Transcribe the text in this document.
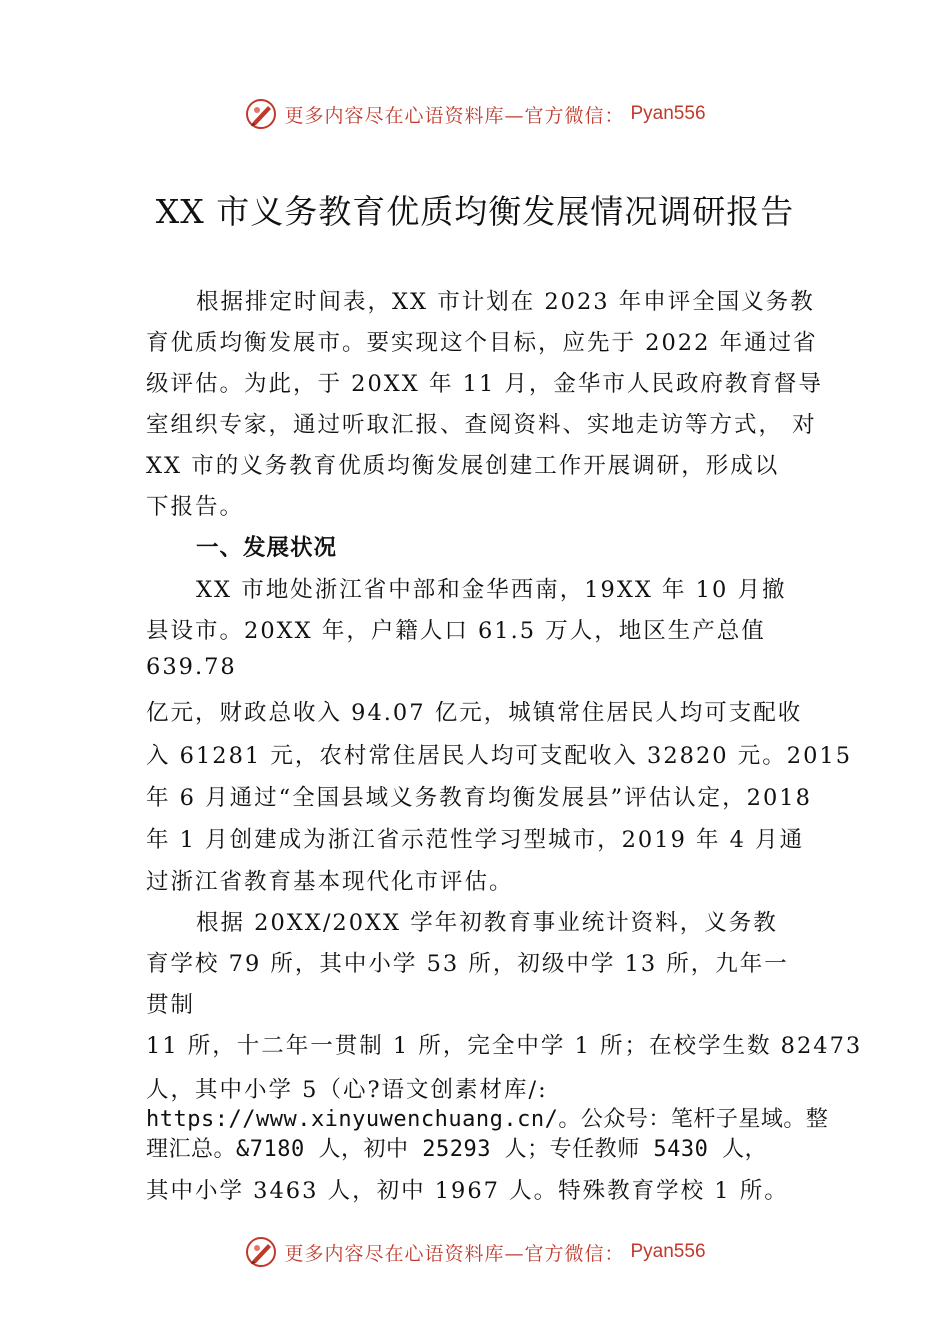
更多内容尽在心语资料库—官方微信： Pyan556
XX 市义务教育优质均衡发展情况调研报告
根据排定时间表，XX 市计划在 2023 年申评全国义务教
育优质均衡发展市。要实现这个目标，应先于 2022 年通过省
级评估。为此，于 20XX 年 11 月，金华市人民政府教育督导
室组织专家，通过听取汇报、查阅资料、实地走访等方式， 对
XX 市的义务教育优质均衡发展创建工作开展调研，形成以
下报告。
一、发展状况
XX 市地处浙江省中部和金华西南，19XX 年 10 月撤
县设市。20XX 年，户籍人口 61.5 万人，地区生产总值
639.78
亿元，财政总收入 94.07 亿元，城镇常住居民人均可支配收
入 61281 元，农村常住居民人均可支配收入 32820 元。2015
年 6 月通过“全国县域义务教育均衡发展县”评估认定，2018
年 1 月创建成为浙江省示范性学习型城市，2019 年 4 月通
过浙江省教育基本现代化市评估。
根据 20XX/20XX 学年初教育事业统计资料，义务教
育学校 79 所，其中小学 53 所，初级中学 13 所，九年一
贯制
11 所，十二年一贯制 1 所，完全中学 1 所；在校学生数 82473
人，其中小学 5（心?语文创素材库/:
https://www.xinyuwenchuang.cn/。公众号：笔杆子星域。整
理汇总。&7180 人，初中 25293 人；专任教师 5430 人，
其中小学 3463 人，初中 1967 人。特殊教育学校 1 所。
更多内容尽在心语资料库—官方微信： Pyan556
